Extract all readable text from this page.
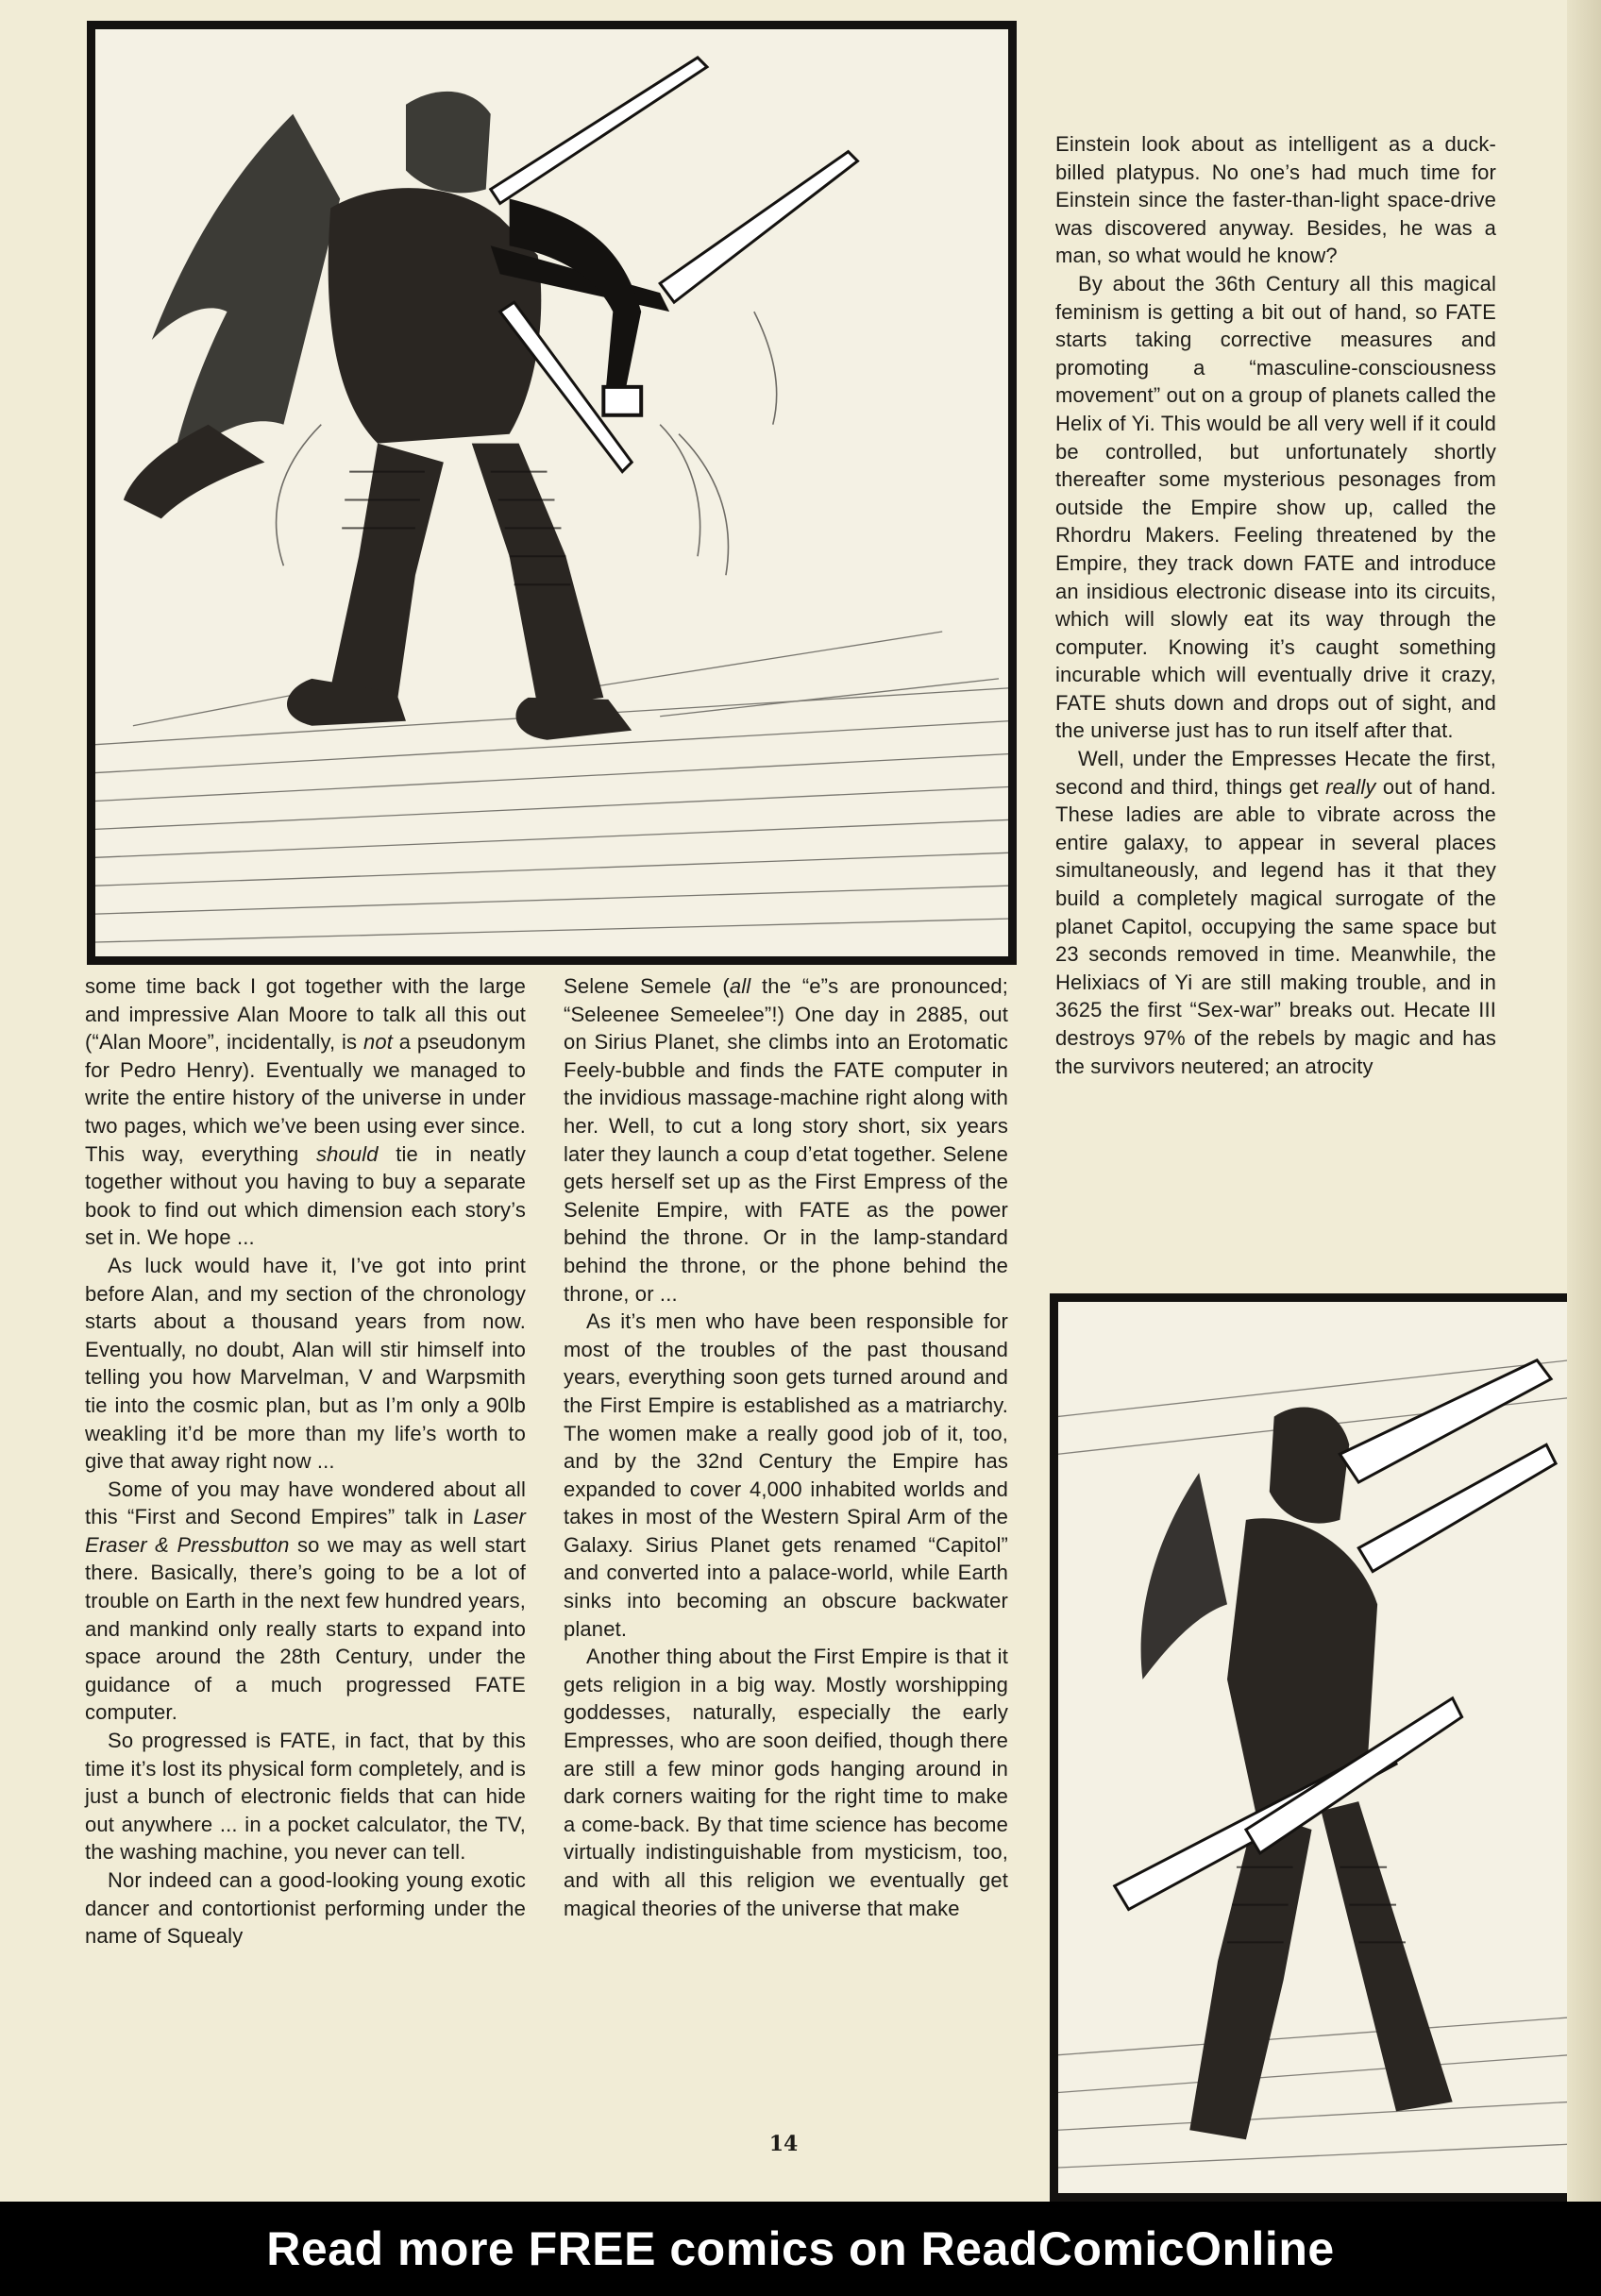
some time back I got together with the large and impressive Alan Moore to talk all this out (“Alan Moore”, incidentally, is not a pseudonym for Pedro Henry). Eventually we managed to write the entire history of the universe in under two pages, which we’ve been using ever since. This way, everything should tie in neatly together without you having to buy a separate book to find out which dimension each story’s set in. We hope ...

As luck would have it, I’ve got into print before Alan, and my section of the chronology starts about a thousand years from now. Eventually, no doubt, Alan will stir himself into telling you how Marvelman, V and Warpsmith tie into the cosmic plan, but as I’m only a 90lb weakling it’d be more than my life’s worth to give that away right now ...

Some of you may have wondered about all this “First and Second Empires” talk in Laser Eraser & Pressbutton so we may as well start there. Basically, there’s going to be a lot of trouble on Earth in the next few hundred years, and mankind only really starts to expand into space around the 28th Century, under the guidance of a much progressed FATE computer.

So progressed is FATE, in fact, that by this time it’s lost its physical form completely, and is just a bunch of electronic fields that can hide out anywhere ... in a pocket calculator, the TV, the washing machine, you never can tell.

Nor indeed can a good-looking young exotic dancer and contortionist performing under the name of Squealy

Selene Semele (all the “e”s are pronounced; “Seleenee Semeelee”!) One day in 2885, out on Sirius Planet, she climbs into an Erotomatic Feely-bubble and finds the FATE computer in the invidious massage-machine right along with her. Well, to cut a long story short, six years later they launch a coup d’etat together. Selene gets herself set up as the First Empress of the Selenite Empire, with FATE as the power behind the throne. Or in the lamp-standard behind the throne, or the phone behind the throne, or ...

As it’s men who have been responsible for most of the troubles of the past thousand years, everything soon gets turned around and the First Empire is established as a matriarchy. The women make a really good job of it, too, and by the 32nd Century the Empire has expanded to cover 4,000 inhabited worlds and takes in most of the Western Spiral Arm of the Galaxy. Sirius Planet gets renamed “Capitol” and converted into a palace-world, while Earth sinks into becoming an obscure backwater planet.

Another thing about the First Empire is that it gets religion in a big way. Mostly worshipping goddesses, naturally, especially the early Empresses, who are soon deified, though there are still a few minor gods hanging around in dark corners waiting for the right time to make a come-back. By that time science has become virtually indistinguishable from mysticism, too, and with all this religion we eventually get magical theories of the universe that make

Einstein look about as intelligent as a duck-billed platypus. No one’s had much time for Einstein since the faster-than-light space-drive was discovered anyway. Besides, he was a man, so what would he know?

By about the 36th Century all this magical feminism is getting a bit out of hand, so FATE starts taking corrective measures and promoting a “masculine-consciousness movement” out on a group of planets called the Helix of Yi. This would be all very well if it could be controlled, but unfortunately shortly thereafter some mysterious pesonages from outside the Empire show up, called the Rhordru Makers. Feeling threatened by the Empire, they track down FATE and introduce an insidious electronic disease into its circuits, which will slowly eat its way through the computer. Knowing it’s caught something incurable which will eventually drive it crazy, FATE shuts down and drops out of sight, and the universe just has to run itself after that.

Well, under the Empresses Hecate the first, second and third, things get really out of hand. These ladies are able to vibrate across the entire galaxy, to appear in several places simultaneously, and legend has it that they build a completely magical surrogate of the planet Capitol, occupying the same space but 23 seconds removed in time. Meanwhile, the Helixiacs of Yi are still making trouble, and in 3625 the first “Sex-war” breaks out. Hecate III destroys 97% of the rebels by magic and has the survivors neutered; an atrocity

14
Read more FREE comics on ReadComicOnline
